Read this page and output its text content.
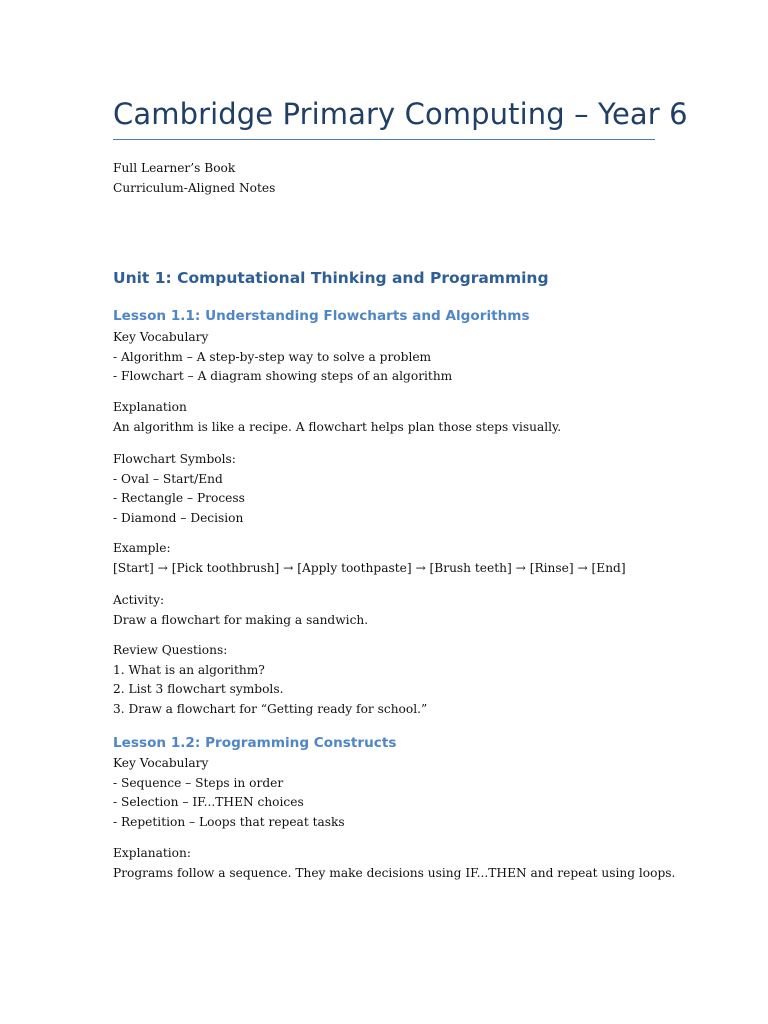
Cambridge Primary Computing – Year 6

Full Learner’s Book

Curriculum-Aligned Notes

Unit 1: Computational Thinking and Programming
Lesson 1.1: Understanding Flowcharts and Algorithms

Key Vocabulary

- Algorithm – A step-by-step way to solve a problem

- Flowchart – A diagram showing steps of an algorithm

Explanation

An algorithm is like a recipe. A flowchart helps plan those steps visually.

Flowchart Symbols:

- Oval – Start/End

- Rectangle – Process

- Diamond – Decision

Example:

[Start] → [Pick toothbrush] → [Apply toothpaste] → [Brush teeth] → [Rinse] → [End]

Activity:

Draw a flowchart for making a sandwich.

Review Questions:

1. What is an algorithm?

2. List 3 flowchart symbols.

3. Draw a flowchart for “Getting ready for school.”

Lesson 1.2: Programming Constructs

Key Vocabulary

- Sequence – Steps in order

- Selection – IF...THEN choices

- Repetition – Loops that repeat tasks

Explanation:

Programs follow a sequence. They make decisions using IF...THEN and repeat using loops.
